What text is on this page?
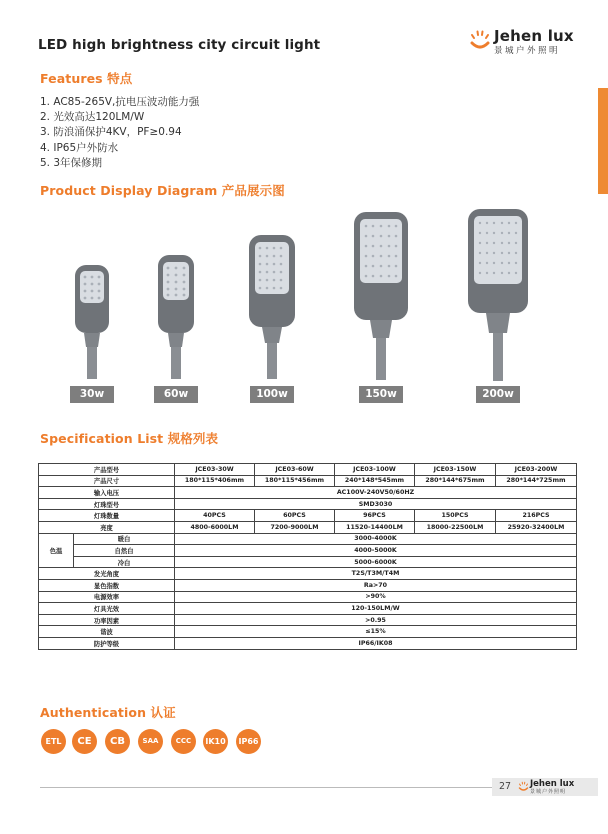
LED high brightness city circuit light	Jehen lux
景城户外照明
Features 特点
1. AC85-265V,抗电压波动能力强
2. 光效高达120LM/W
3. 防浪涌保护4KV，PF≥0.94
4. IP65户外防水
5. 3年保修期
Product Display Diagram 产品展示图
30w	60w	100w	150w	200w
Specification List 规格列表
产品型号		JCE03-30W	JCE03-60W	JCE03-100W	JCE03-150W	JCE03-200W
产品尺寸		180*115*406mm	180*115*456mm	240*148*545mm	280*144*675mm	280*144*725mm
输入电压		AC100V-240V50/60HZ				
灯珠型号		SMD3030				
灯珠数量		40PCS	60PCS	96PCS	150PCS	216PCS
亮度		4800-6000LM	7200-9000LM	11520-14400LM	18000-22500LM	25920-32400LM
色温	暖白	3000-4000K				
	自然白	4000-5000K				
	冷白	5000-6000K				
发光角度		T2S/T3M/T4M				
显色指数		Ra>70				
电源效率		>90%				
灯具光效		120-150LM/W				
功率因素		>0.95				
谐波		≤15%				
防护等级		IP66/IK08				
Authentication 认证
ETL	CE	CB	SAA	CCC	IK10	IP66
27 Jehen lux
景城户外照明
